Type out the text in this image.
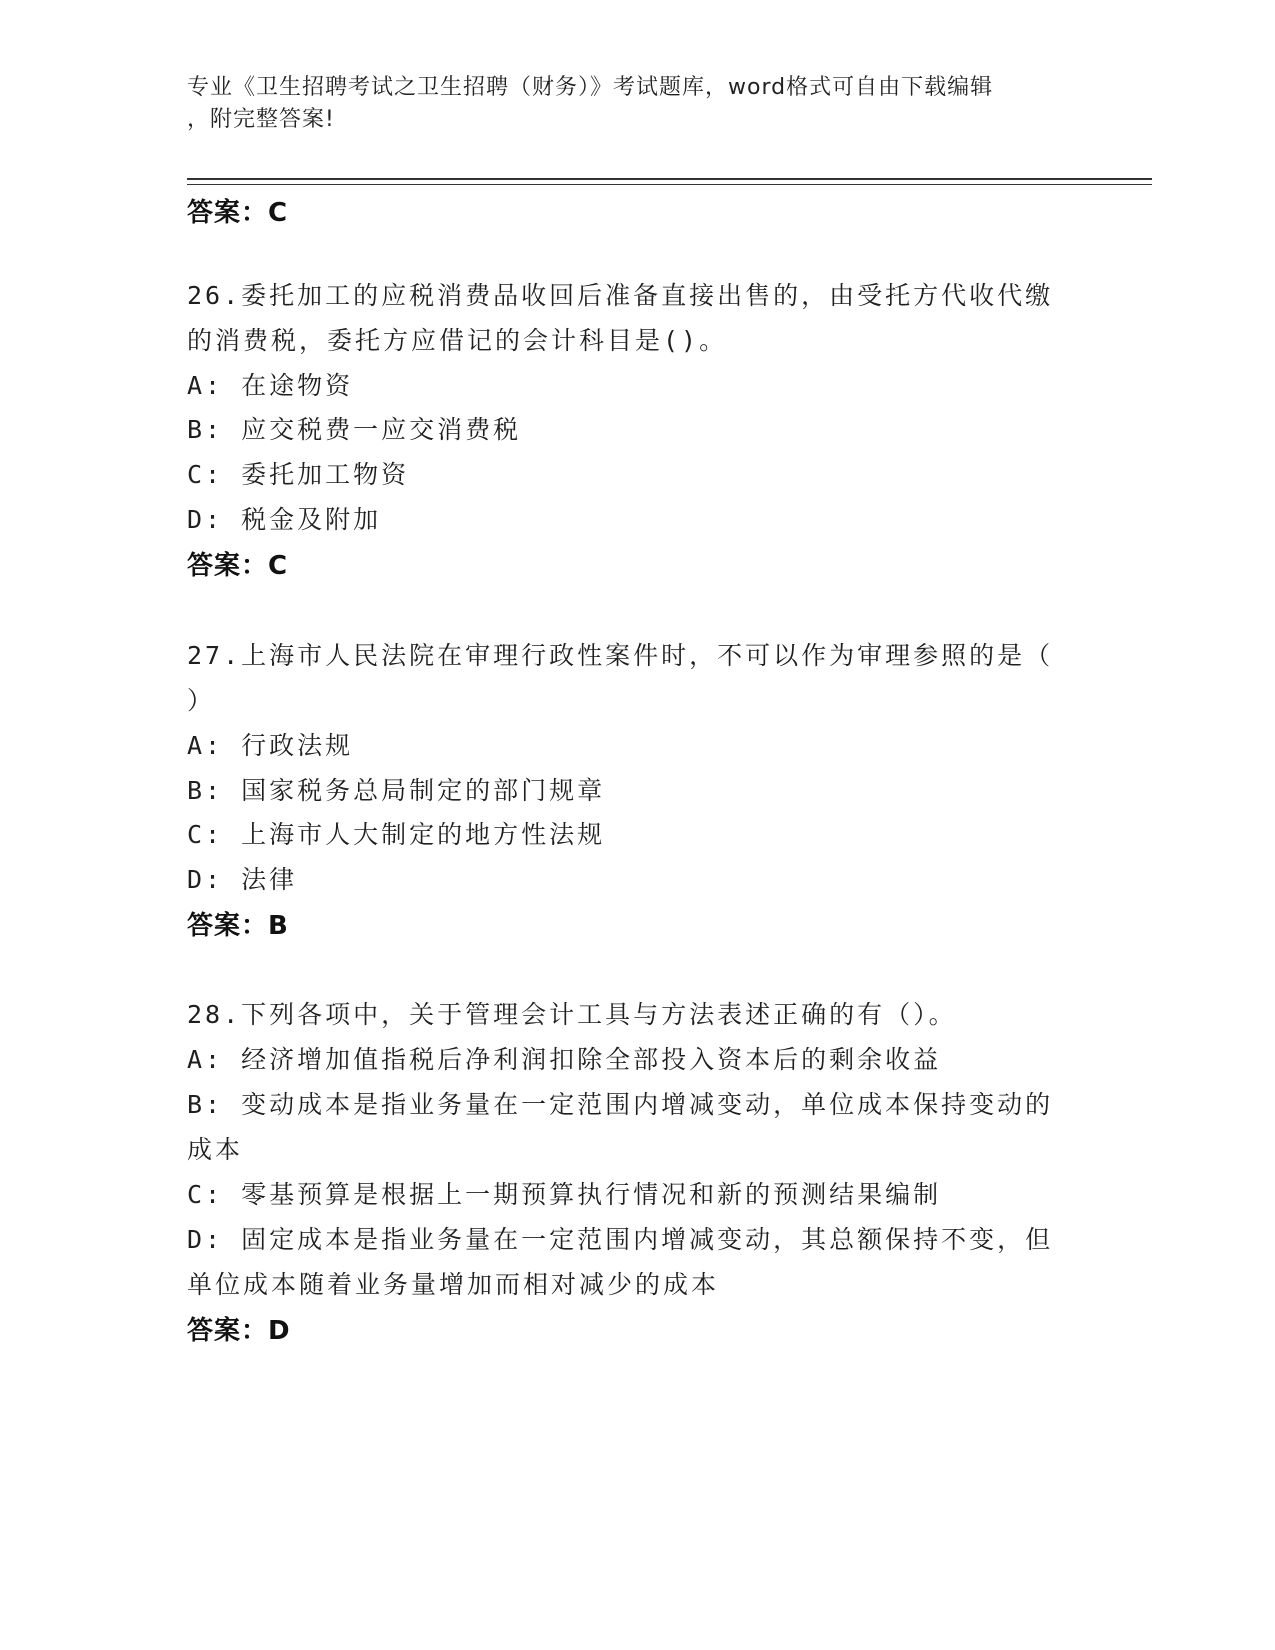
专业《卫生招聘考试之卫生招聘（财务）》考试题库，word格式可自由下载编辑
，附完整答案!
答案：C
26.委托加工的应税消费品收回后准备直接出售的，由受托方代收代缴
的消费税，委托方应借记的会计科目是()。
A: 在途物资
B: 应交税费一应交消费税
C: 委托加工物资
D: 税金及附加
答案：C
27.上海市人民法院在审理行政性案件时，不可以作为审理参照的是（
）
A: 行政法规
B: 国家税务总局制定的部门规章
C: 上海市人大制定的地方性法规
D: 法律
答案：B
28.下列各项中，关于管理会计工具与方法表述正确的有（）。
A: 经济增加值指税后净利润扣除全部投入资本后的剩余收益
B: 变动成本是指业务量在一定范围内增减变动，单位成本保持变动的
成本
C: 零基预算是根据上一期预算执行情况和新的预测结果编制
D: 固定成本是指业务量在一定范围内增减变动，其总额保持不变，但
单位成本随着业务量增加而相对减少的成本
答案：D
